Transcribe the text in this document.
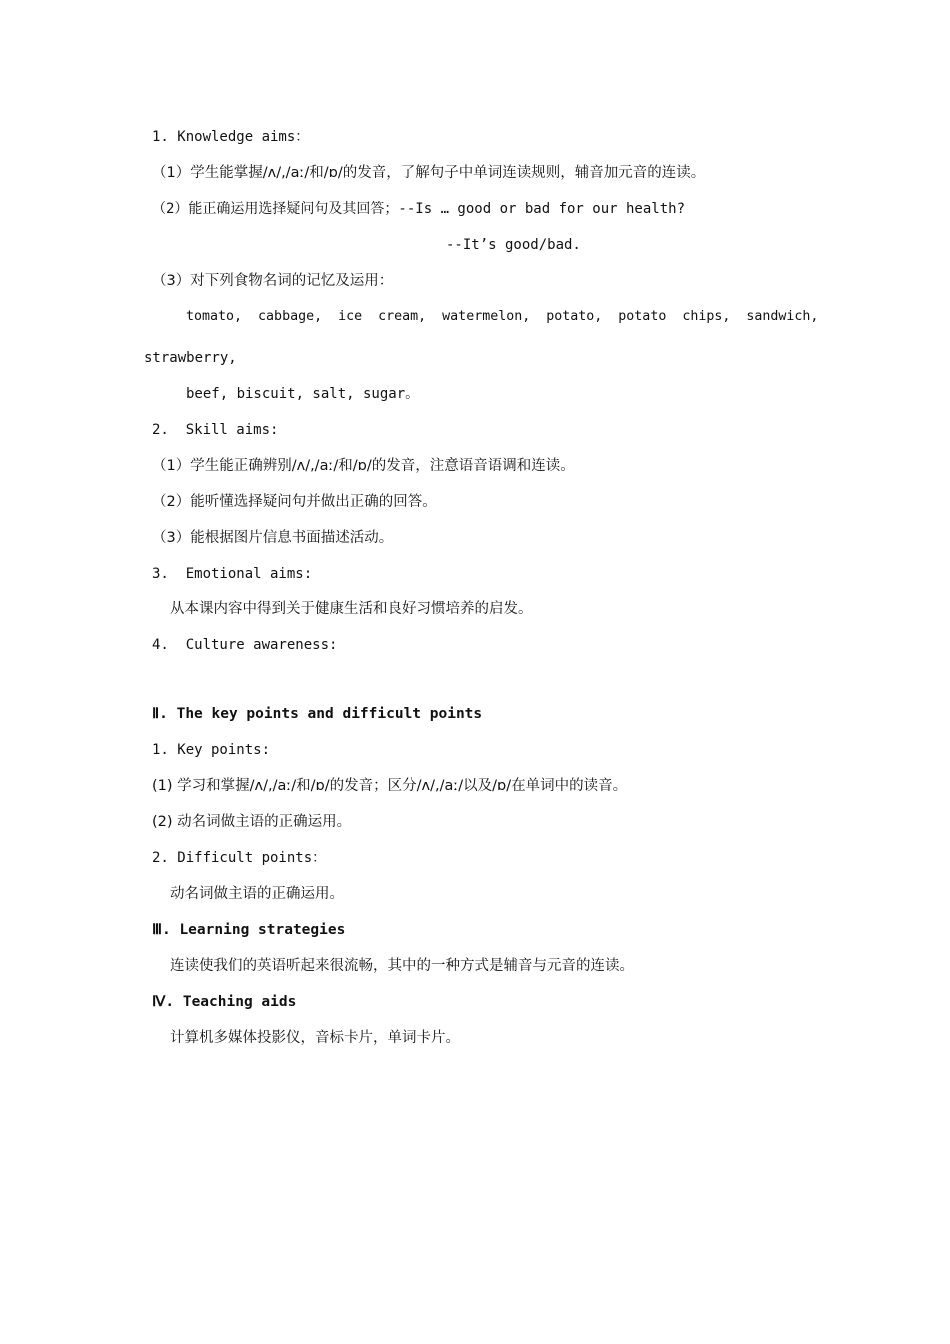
1. Knowledge aims：
（1）学生能掌握/ʌ/,/aː/和/ɒ/的发音，了解句子中单词连读规则，辅音加元音的连读。
（2）能正确运用选择疑问句及其回答；--Is … good or bad for our health?
--It’s good/bad.
（3）对下列食物名词的记忆及运用：
tomato,  cabbage,  ice  cream,  watermelon,  potato,  potato  chips,  sandwich,
strawberry,
beef, biscuit, salt, sugar。
2.  Skill aims:
（1）学生能正确辨别/ʌ/,/aː/和/ɒ/的发音，注意语音语调和连读。
（2）能听懂选择疑问句并做出正确的回答。
（3）能根据图片信息书面描述活动。
3.  Emotional aims:
从本课内容中得到关于健康生活和良好习惯培养的启发。
4.  Culture awareness:
Ⅱ. The key points and difficult points
1. Key points:
(1) 学习和掌握/ʌ/,/aː/和/ɒ/的发音；区分/ʌ/,/aː/以及/ɒ/在单词中的读音。
(2) 动名词做主语的正确运用。
2. Difficult points：
动名词做主语的正确运用。
Ⅲ. Learning strategies
连读使我们的英语听起来很流畅，其中的一种方式是辅音与元音的连读。
Ⅳ. Teaching aids
计算机多媒体投影仪，音标卡片，单词卡片。
